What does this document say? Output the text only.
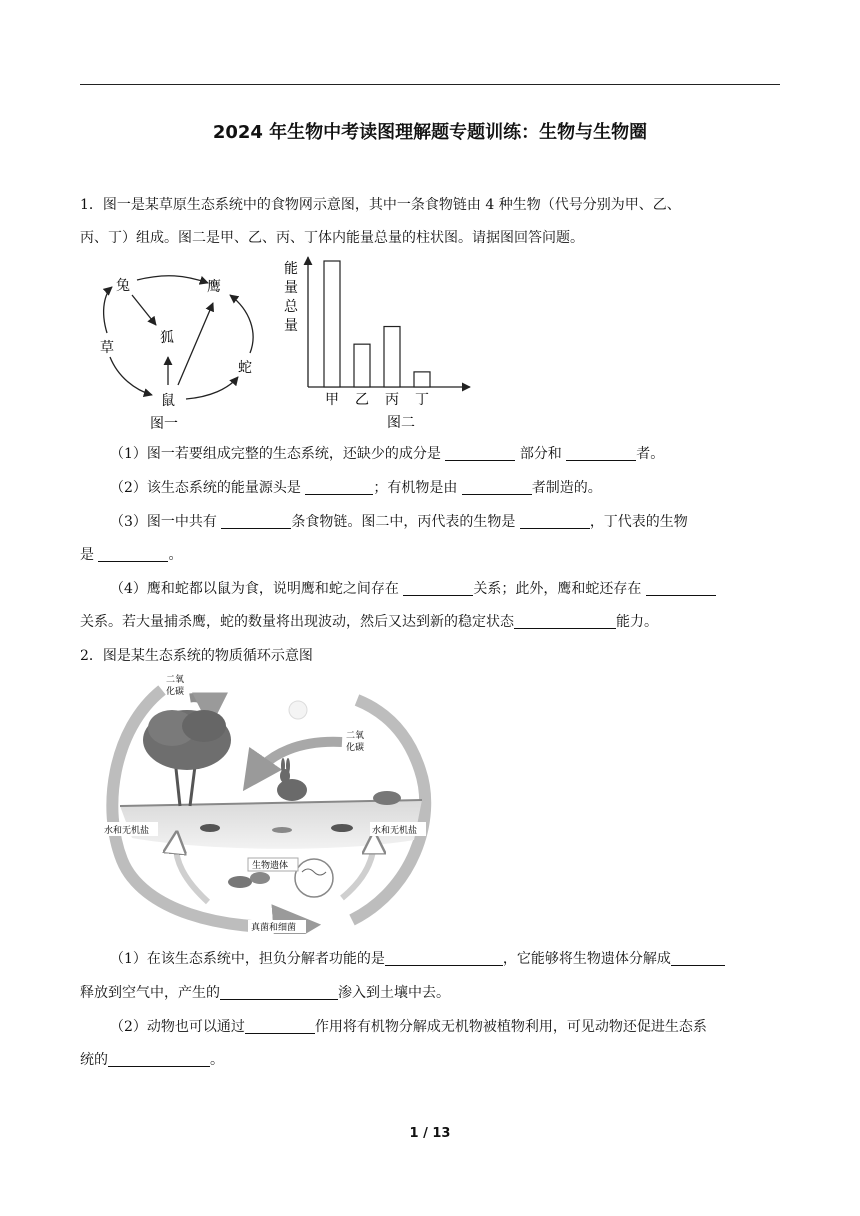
2024 年生物中考读图理解题专题训练：生物与生物圈
1．图一是某草原生态系统中的食物网示意图，其中一条食物链由 4 种生物（代号分别为甲、乙、
丙、丁）组成。图二是甲、乙、丙、丁体内能量总量的柱状图。请据图回答问题。
兔	鹰
草
狐
蛇
鼠
图一
能
量
总
量
甲 乙 丙 丁
图二
（1）图一若要组成完整的生态系统，还缺少的成分是	部分和	者。
（2）该生态系统的能量源头是	；有机物是由	者制造的。
（3）图一中共有	条食物链。图二中，丙代表的生物是	，丁代表的生物
是	。
（4）鹰和蛇都以鼠为食，说明鹰和蛇之间存在	关系；此外，鹰和蛇还存在
关系。若大量捕杀鹰，蛇的数量将出现波动，然后又达到新的稳定状态	能力。
2．图是某生态系统的物质循环示意图
二氧
化碳
二氧
化碳
水和无机盐	水和无机盐
生物遗体
真菌和细菌
（1）在该生态系统中，担负分解者功能的是	，它能够将生物遗体分解成
释放到空气中，产生的	渗入到土壤中去。
（2）动物也可以通过	作用将有机物分解成无机物被植物利用，可见动物还促进生态系
统的	。
1 / 13
